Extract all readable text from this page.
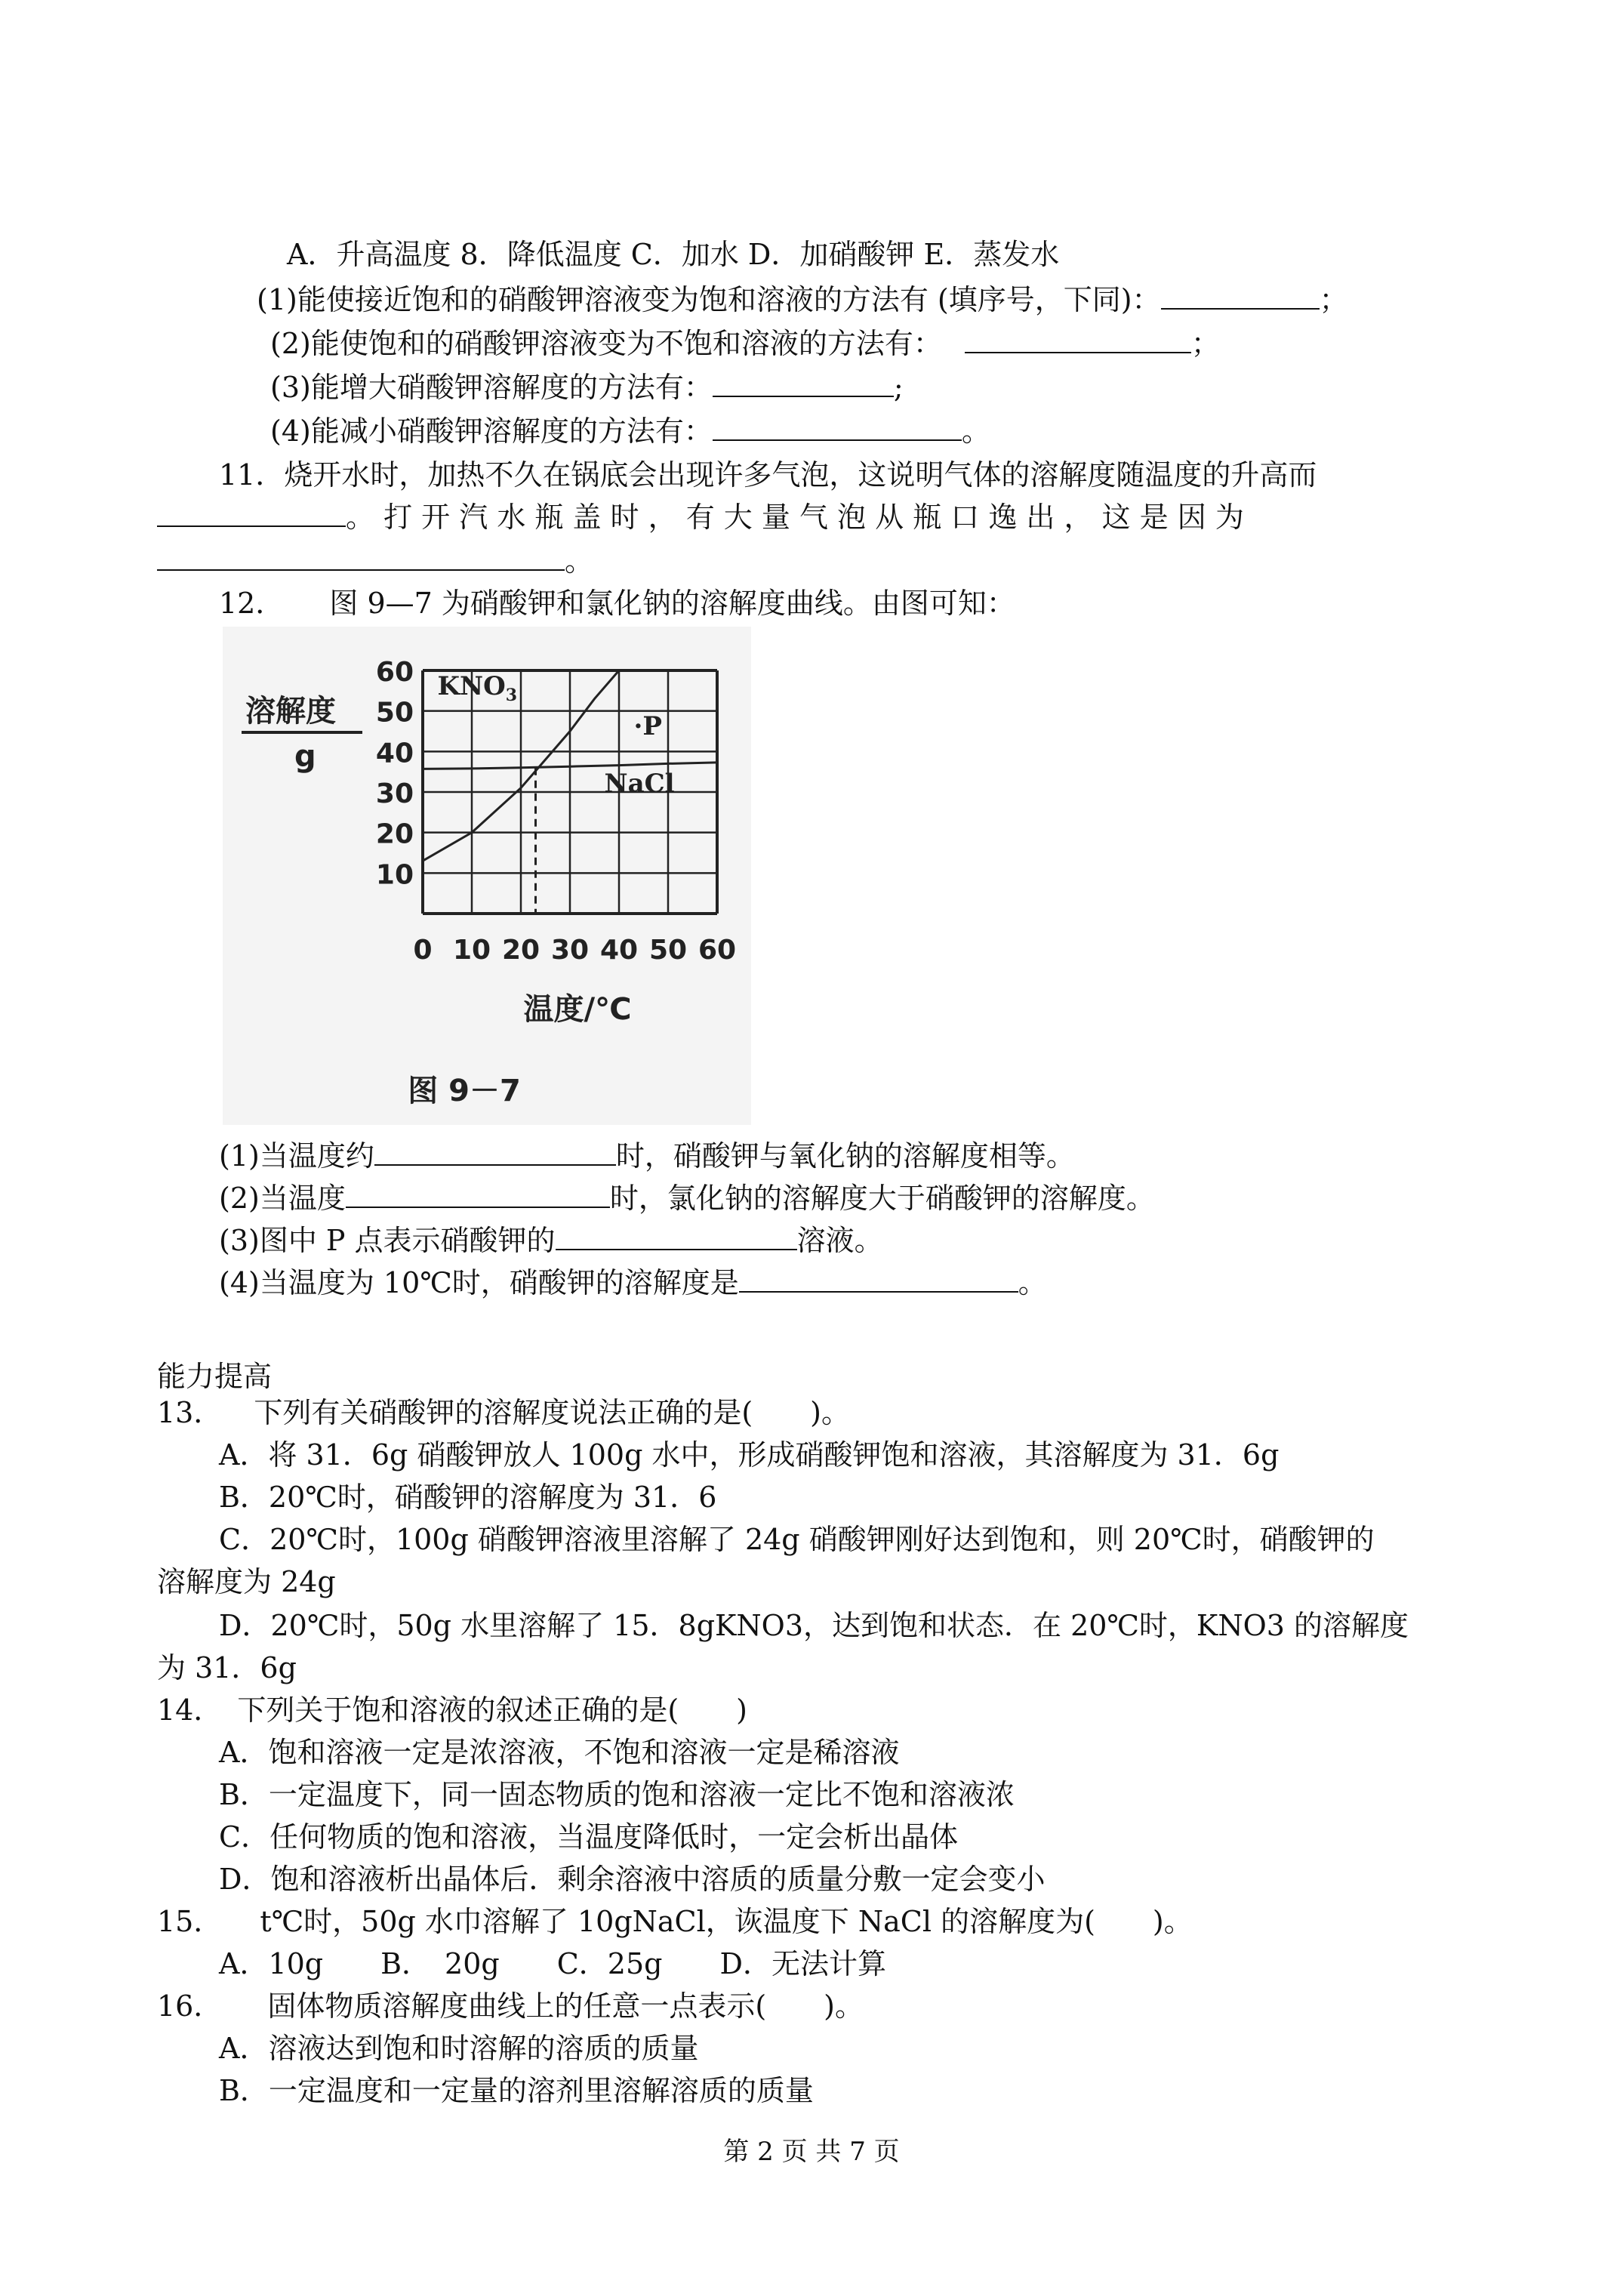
A．升高温度 8．降低温度 C．加水 D．加硝酸钾 E．蒸发水
(1)能使接近饱和的硝酸钾溶液变为饱和溶液的方法有 (填序号，下同)：	；
(2)能使饱和的硝酸钾溶液变为不饱和溶液的方法有：	；
(3)能增大硝酸钾溶解度的方法有：	;
(4)能减小硝酸钾溶解度的方法有：	。
11．烧开水时，加热不久在锅底会出现许多气泡，这说明气体的溶解度随温度的升高而
。 打 开 汽 水 瓶 盖 时 ， 有 大 量 气 泡 从 瓶 口 逸 出 ， 这 是 因 为
。
12． 图 9—7 为硝酸钾和氯化钠的溶解度曲线。由图可知：
$KNO_3$
NaCl
·P
溶解度
g
10
20
30
40
50
60
0 10 20 30 40 50 60
温度/℃
图 9－7
(1)当温度约	时，硝酸钾与氧化钠的溶解度相等。
(2)当温度	时，氯化钠的溶解度大于硝酸钾的溶解度。
(3)图中 P 点表示硝酸钾的	溶液。
(4)当温度为 10℃时，硝酸钾的溶解度是	。
能力提高
13． 下列有关硝酸钾的溶解度说法正确的是(　　)。
A．将 31．6g 硝酸钾放人 100g 水中，形成硝酸钾饱和溶液，其溶解度为 31．6g
B．20℃时，硝酸钾的溶解度为 31．6
C．20℃时，100g 硝酸钾溶液里溶解了 24g 硝酸钾刚好达到饱和，则 20℃时，硝酸钾的
溶解度为 24g
D．20℃时，50g 水里溶解了 15．8gKNO3，达到饱和状态．在 20℃时，KNO3 的溶解度
为 31．6g
14． 下列关于饱和溶液的叙述正确的是(　　)
A．饱和溶液一定是浓溶液，不饱和溶液一定是稀溶液
B．一定温度下，同一固态物质的饱和溶液一定比不饱和溶液浓
C．任何物质的饱和溶液，当温度降低时，一定会析出晶体
D．饱和溶液析出晶体后．剩余溶液中溶质的质量分敷一定会变小
15． t℃时，50g 水巾溶解了 10gNaCl，诙温度下 NaCl 的溶解度为(　　)。
A．10g　　B．　20g　　C．25g　　D．无法计算
16． 固体物质溶解度曲线上的任意一点表示(　　)。
A．溶液达到饱和时溶解的溶质的质量
B．一定温度和一定量的溶剂里溶解溶质的质量
第 2 页 共 7 页
